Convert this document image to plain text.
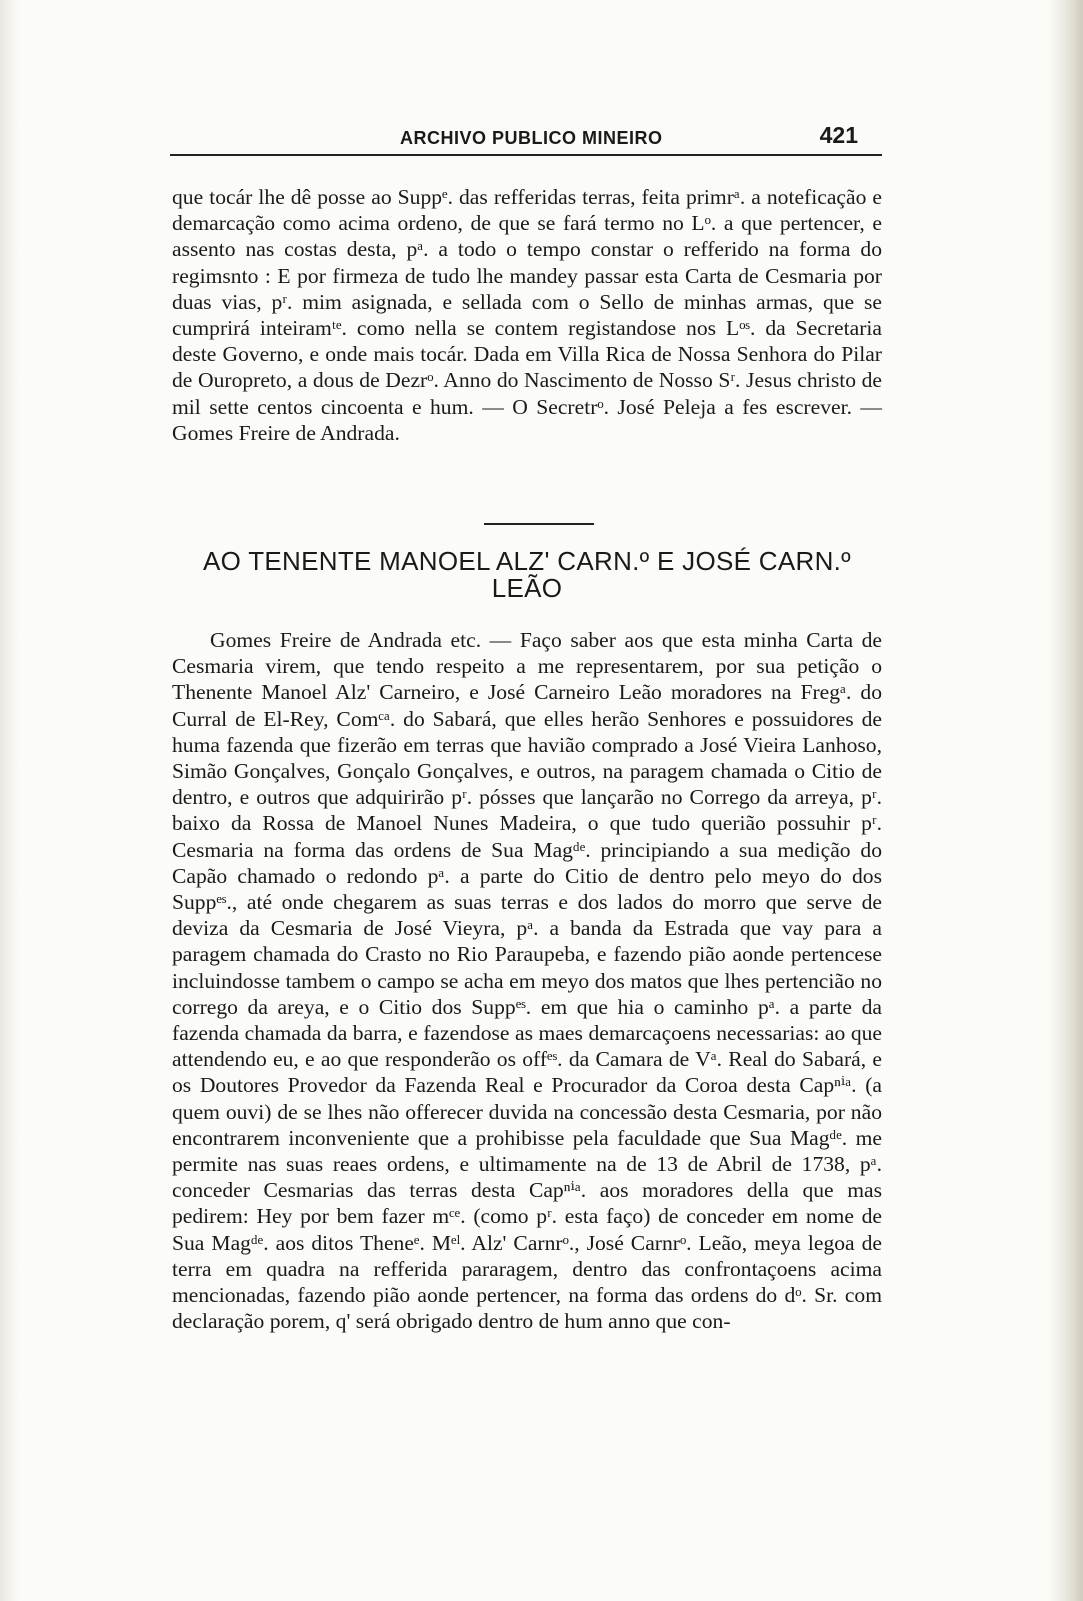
ARCHIVO PUBLICO MINEIRO	421

que tocár lhe dê posse ao Suppᵉ. das refferidas terras, feita primrᵃ. a noteficação e demarcação como acima ordeno, de que se fará termo no Lᵒ. a que pertencer, e assento nas costas desta, pᵃ. a todo o tempo constar o refferido na forma do regimsnto : E por firmeza de tudo lhe mandey passar esta Carta de Cesmaria por duas vias, pʳ. mim asignada, e sellada com o Sello de minhas armas, que se cumprirá inteiramᵗᵉ. como nella se contem registandose nos Lᵒˢ. da Secretaria deste Governo, e onde mais tocár. Dada em Villa Rica de Nossa Senhora do Pilar de Ouropreto, a dous de Dezrᵒ. Anno do Nascimento de Nosso Sʳ. Jesus christo de mil sette centos cincoenta e hum. — O Secretrᵒ. José Peleja a fes escrever. — Gomes Freire de Andrada.

AO TENENTE MANOEL ALZ' CARN.º E JOSÉ CARN.º LEÃO

Gomes Freire de Andrada etc. — Faço saber aos que esta minha Carta de Cesmaria virem, que tendo respeito a me representarem, por sua petição o Thenente Manoel Alz' Carneiro, e José Carneiro Leão moradores na Fregᵃ. do Curral de El-Rey, Comᶜᵃ. do Sabará, que elles herão Senhores e possuidores de huma fazenda que fizerão em terras que havião comprado a José Vieira Lanhoso, Simão Gonçalves, Gonçalo Gonçalves, e outros, na paragem chamada o Citio de dentro, e outros que adquirirão pʳ. pósses que lançarão no Corrego da arreya, pʳ. baixo da Rossa de Manoel Nunes Madeira, o que tudo querião possuhir pʳ. Cesmaria na forma das ordens de Sua Magᵈᵉ. principiando a sua medição do Capão chamado o redondo pᵃ. a parte do Citio de dentro pelo meyo do dos Suppᵉˢ., até onde chegarem as suas terras e dos lados do morro que serve de deviza da Cesmaria de José Vieyra, pᵃ. a banda da Estrada que vay para a paragem chamada do Crasto no Rio Paraupeba, e fazendo pião aonde pertencese incluindosse tambem o campo se acha em meyo dos matos que lhes pertencião no corrego da areya, e o Citio dos Suppᵉˢ. em que hia o caminho pᵃ. a parte da fazenda chamada da barra, e fazendose as maes demarcaçoens necessarias: ao que attendendo eu, e ao que responderão os offᵉˢ. da Camara de Vᵃ. Real do Sabará, e os Doutores Provedor da Fazenda Real e Procurador da Coroa desta Capⁿⁱᵃ. (a quem ouvi) de se lhes não offerecer duvida na concessão desta Cesmaria, por não encontrarem inconveniente que a prohibisse pela faculdade que Sua Magᵈᵉ. me permite nas suas reaes ordens, e ultimamente na de 13 de Abril de 1738, pᵃ. conceder Cesmarias das terras desta Capⁿⁱᵃ. aos moradores della que mas pedirem: Hey por bem fazer mᶜᵉ. (como pʳ. esta faço) de conceder em nome de Sua Magᵈᵉ. aos ditos Theneᵉ. Mᵉˡ. Alz' Carnrᵒ., José Carnrᵒ. Leão, meya legoa de terra em quadra na refferida pararagem, dentro das confrontaçoens acima mencionadas, fazendo pião aonde pertencer, na forma das ordens do dᵒ. Sr. com declaração porem, q' será obrigado dentro de hum anno que con-
